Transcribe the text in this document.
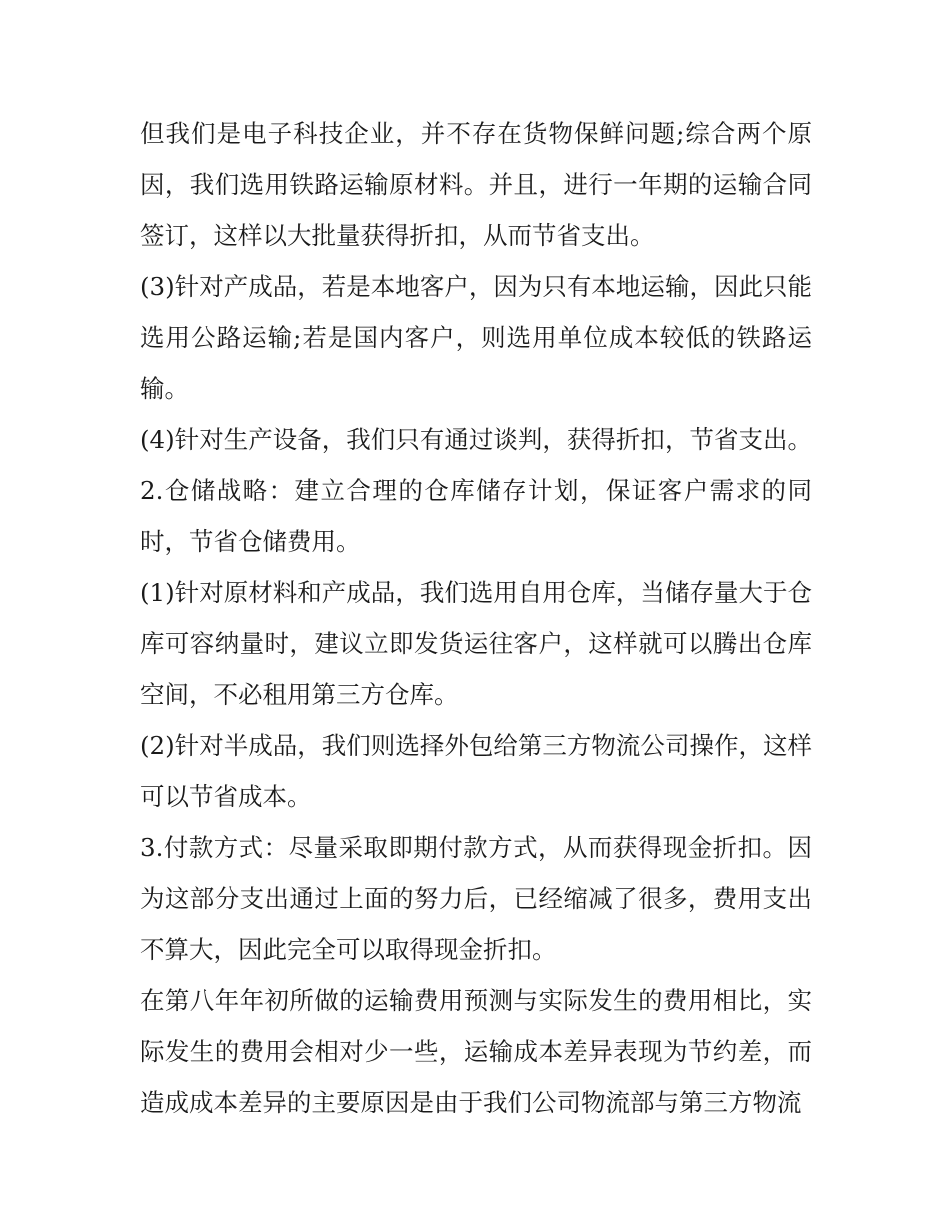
但我们是电子科技企业，并不存在货物保鲜问题;综合两个原因，我们选用铁路运输原材料。并且，进行一年期的运输合同签订，这样以大批量获得折扣，从而节省支出。

(3)针对产成品，若是本地客户，因为只有本地运输，因此只能选用公路运输;若是国内客户，则选用单位成本较低的铁路运输。

(4)针对生产设备，我们只有通过谈判，获得折扣，节省支出。 2.仓储战略：建立合理的仓库储存计划，保证客户需求的同时，节省仓储费用。

(1)针对原材料和产成品，我们选用自用仓库，当储存量大于仓库可容纳量时，建议立即发货运往客户，这样就可以腾出仓库空间，不必租用第三方仓库。

(2)针对半成品，我们则选择外包给第三方物流公司操作，这样可以节省成本。

3.付款方式：尽量采取即期付款方式，从而获得现金折扣。因为这部分支出通过上面的努力后，已经缩减了很多，费用支出不算大，因此完全可以取得现金折扣。

在第八年年初所做的运输费用预测与实际发生的费用相比，实际发生的费用会相对少一些，运输成本差异表现为节约差，而造成成本差异的主要原因是由于我们公司物流部与第三方物流
